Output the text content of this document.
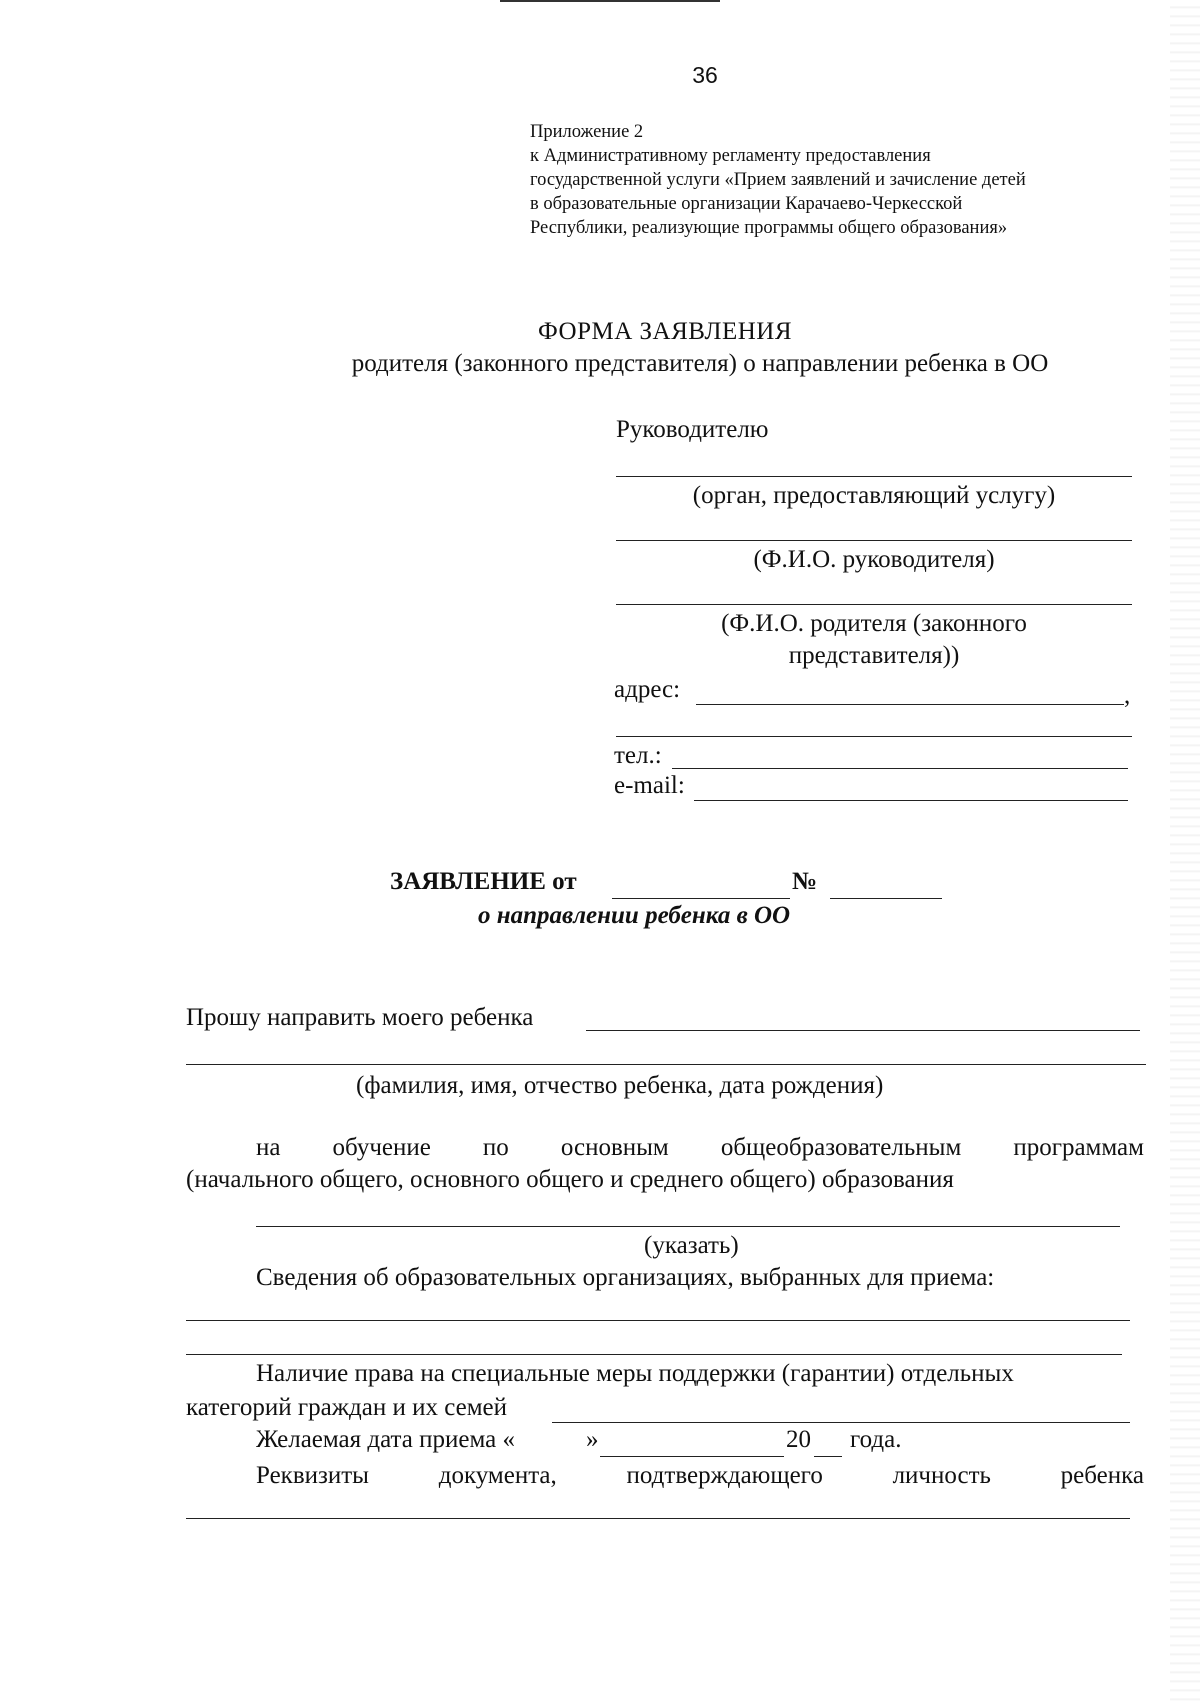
36
Приложение 2
к Административному регламенту предоставления
государственной услуги «Прием заявлений и зачисление детей
в образовательные организации Карачаево-Черкесской
Республики, реализующие программы общего образования»
ФОРМА ЗАЯВЛЕНИЯ
родителя (законного представителя) о направлении ребенка в ОО
Руководителю
(орган, предоставляющий услугу)
(Ф.И.О. руководителя)
(Ф.И.О. родителя (законного
представителя))
адрес:	,
тел.:
e-mail:
ЗАЯВЛЕНИЕ от	№
о направлении ребенка в ОО
Прошу направить моего ребенка
(фамилия, имя, отчество ребенка, дата рождения)
на обучение по основным общеобразовательным программам
(начального общего, основного общего и среднего общего) образования
(указать)
Сведения об образовательных организациях, выбранных для приема:
Наличие права на специальные меры поддержки (гарантии) отдельных
категорий граждан и их семей
Желаемая дата приема «	»	20 года.
Реквизиты	документа,	подтверждающего	личность	ребенка
